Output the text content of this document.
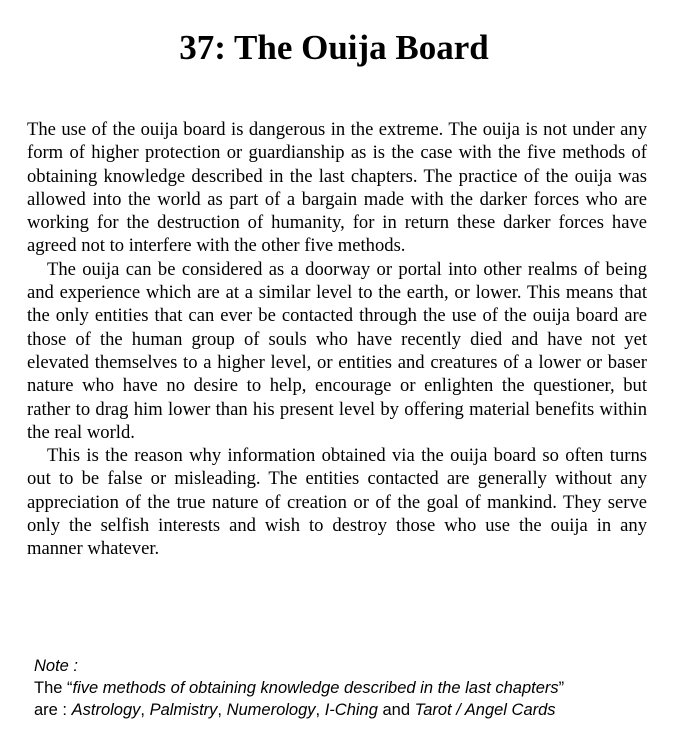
37: The Ouija Board

The use of the ouija board is dangerous in the extreme. The ouija is not under any form of higher protection or guardianship as is the case with the five methods of obtaining knowledge described in the last chapters. The practice of the ouija was allowed into the world as part of a bargain made with the darker forces who are working for the destruction of humanity, for in return these darker forces have agreed not to interfere with the other five methods.

The ouija can be considered as a doorway or portal into other realms of being and experience which are at a similar level to the earth, or lower. This means that the only entities that can ever be contacted through the use of the ouija board are those of the human group of souls who have recently died and have not yet elevated themselves to a higher level, or entities and creatures of a lower or baser nature who have no desire to help, encourage or enlighten the questioner, but rather to drag him lower than his present level by offering material benefits within the real world.

This is the reason why information obtained via the ouija board so often turns out to be false or misleading. The entities contacted are generally without any appreciation of the true nature of creation or of the goal of mankind. They serve only the selfish interests and wish to destroy those who use the ouija in any manner whatever.

Note :
The “five methods of obtaining knowledge described in the last chapters”
are : Astrology, Palmistry, Numerology, I-Ching and Tarot / Angel Cards
